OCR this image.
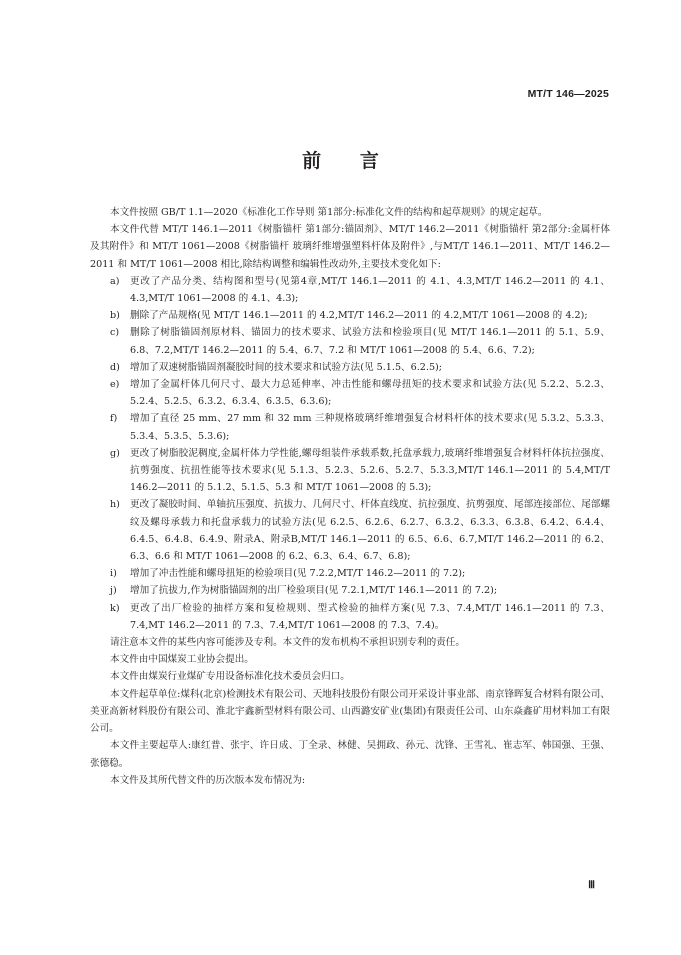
MT/T 146—2025
前 言

本文件按照 GB/T 1.1—2020《标准化工作导则 第1部分:标准化文件的结构和起草规则》的规定起草。

本文件代替 MT/T 146.1—2011《树脂锚杆 第1部分:锚固剂》、MT/T 146.2—2011《树脂锚杆 第2部分:金属杆体及其附件》和 MT/T 1061—2008《树脂锚杆 玻璃纤维增强塑料杆体及附件》,与MT/T 146.1—2011、MT/T 146.2—2011 和 MT/T 1061—2008 相比,除结构调整和编辑性改动外,主要技术变化如下:

a) 更改了产品分类、结构图和型号(见第4章,MT/T 146.1—2011 的 4.1、4.3,MT/T 146.2—2011 的 4.1、4.3,MT/T 1061—2008 的 4.1、4.3);

b) 删除了产品规格(见 MT/T 146.1—2011 的 4.2,MT/T 146.2—2011 的 4.2,MT/T 1061—2008 的 4.2);

c) 删除了树脂锚固剂原材料、锚固力的技术要求、试验方法和检验项目(见 MT/T 146.1—2011 的 5.1、5.9、6.8、7.2,MT/T 146.2—2011 的 5.4、6.7、7.2 和 MT/T 1061—2008 的 5.4、6.6、7.2);

d) 增加了双速树脂锚固剂凝胶时间的技术要求和试验方法(见 5.1.5、6.2.5);

e) 增加了金属杆体几何尺寸、最大力总延伸率、冲击性能和螺母扭矩的技术要求和试验方法(见 5.2.2、5.2.3、5.2.4、5.2.5、6.3.2、6.3.4、6.3.5、6.3.6);

f) 增加了直径 25 mm、27 mm 和 32 mm 三种规格玻璃纤维增强复合材料杆体的技术要求(见 5.3.2、5.3.3、5.3.4、5.3.5、5.3.6);

g) 更改了树脂胶泥稠度,金属杆体力学性能,螺母组装件承载系数,托盘承载力,玻璃纤维增强复合材料杆体抗拉强度、抗剪强度、抗扭性能等技术要求(见 5.1.3、5.2.3、5.2.6、5.2.7、5.3.3,MT/T 146.1—2011 的 5.4,MT/T 146.2—2011 的 5.1.2、5.1.5、5.3 和 MT/T 1061—2008 的 5.3);

h) 更改了凝胶时间、单轴抗压强度、抗拔力、几何尺寸、杆体直线度、抗拉强度、抗剪强度、尾部连接部位、尾部螺纹及螺母承载力和托盘承载力的试验方法(见 6.2.5、6.2.6、6.2.7、6.3.2、6.3.3、6.3.8、6.4.2、6.4.4、6.4.5、6.4.8、6.4.9、附录A、附录B,MT/T 146.1—2011 的 6.5、6.6、6.7,MT/T 146.2—2011 的 6.2、6.3、6.6 和 MT/T 1061—2008 的 6.2、6.3、6.4、6.7、6.8);

i) 增加了冲击性能和螺母扭矩的检验项目(见 7.2.2,MT/T 146.2—2011 的 7.2);

j) 增加了抗拔力,作为树脂锚固剂的出厂检验项目(见 7.2.1,MT/T 146.1—2011 的 7.2);

k) 更改了出厂检验的抽样方案和复检规则、型式检验的抽样方案(见 7.3、7.4,MT/T 146.1—2011 的 7.3、7.4,MT 146.2—2011 的 7.3、7.4,MT/T 1061—2008 的 7.3、7.4)。

请注意本文件的某些内容可能涉及专利。本文件的发布机构不承担识别专利的责任。

本文件由中国煤炭工业协会提出。

本文件由煤炭行业煤矿专用设备标准化技术委员会归口。

本文件起草单位:煤科(北京)检测技术有限公司、天地科技股份有限公司开采设计事业部、南京锋晖复合材料有限公司、美亚高新材料股份有限公司、淮北宇鑫新型材料有限公司、山西潞安矿业(集团)有限责任公司、山东焱鑫矿用材料加工有限公司。

本文件主要起草人:康红普、张宇、许日成、丁全录、林健、吴拥政、孙元、沈锋、王雪礼、崔志军、韩国强、王强、张德稳。

本文件及其所代替文件的历次版本发布情况为:

Ⅲ
